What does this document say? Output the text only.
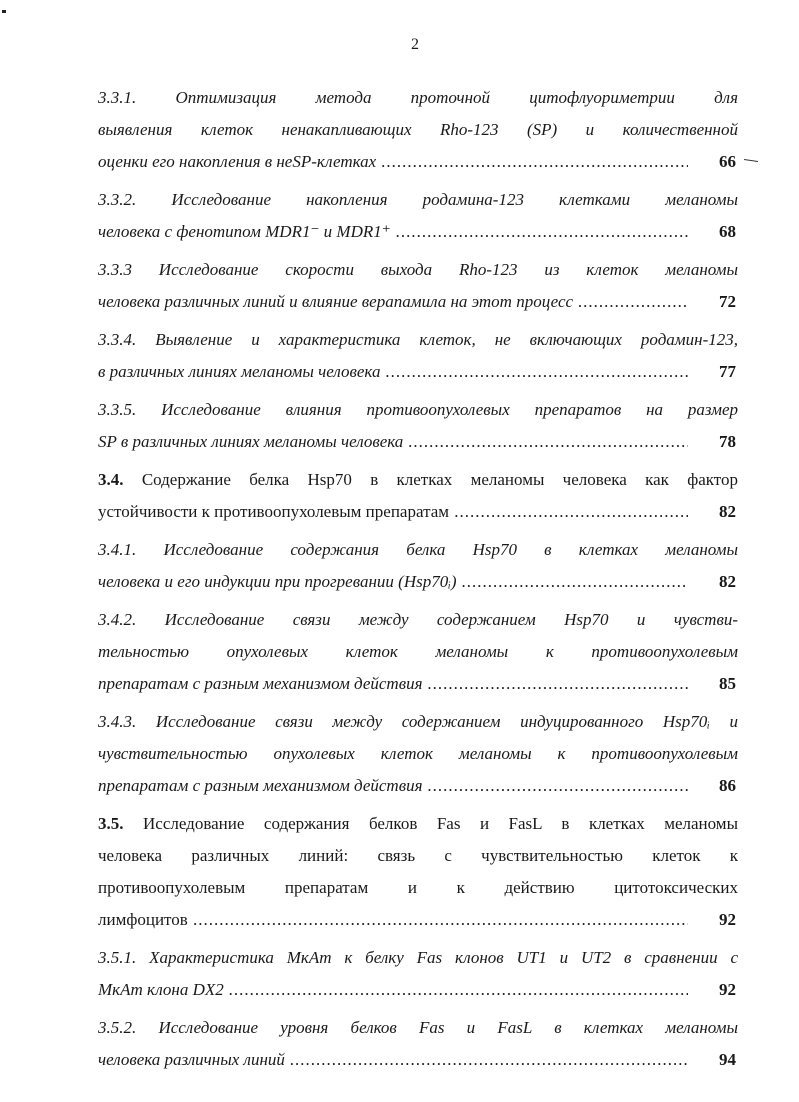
2
3.3.1. Оптимизация метода проточной цитофлуориметрии для
выявления клеток ненакапливающих Rho-123 (SP) и количественной
оценки его накопления в неSP-клетках .....	66
3.3.2. Исследование накопления родамина-123 клетками меланомы
человека с фенотипом MDR1⁻ и MDR1⁺ .....	68
3.3.3 Исследование скорости выхода Rho-123 из клеток меланомы
человека различных линий и влияние верапамила на этот процесс .....	72
3.3.4. Выявление и характеристика клеток, не включающих родамин-123,
в различных линиях меланомы человека .....	77
3.3.5. Исследование влияния противоопухолевых препаратов на размер
SP в различных линиях меланомы человека .....	78
3.4. Содержание белка Hsp70 в клетках меланомы человека как фактор
устойчивости к противоопухолевым препаратам .....	82
3.4.1. Исследование содержания белка Hsp70 в клетках меланомы
человека и его индукции при прогревании (Hsp70ᵢ) .....	82
3.4.2. Исследование связи между содержанием Hsp70 и чувстви-
тельностью опухолевых клеток меланомы к противоопухолевым
препаратам с разным механизмом действия .....	85
3.4.3. Исследование связи между содержанием индуцированного Hsp70ᵢ и
чувствительностью опухолевых клеток меланомы к противоопухолевым
препаратам с разным механизмом действия .....	86
3.5. Исследование содержания белков Fas и FasL в клетках меланомы
человека различных линий: связь с чувствительностью клеток к
противоопухолевым препаратам и к действию цитотоксических
лимфоцитов .....	92
3.5.1. Характеристика МкАт к белку Fas клонов UT1 и UT2 в сравнении с
МкАт клона DX2 .....	92
3.5.2. Исследование уровня белков Fas и FasL в клетках меланомы
человека различных линий .....	94
